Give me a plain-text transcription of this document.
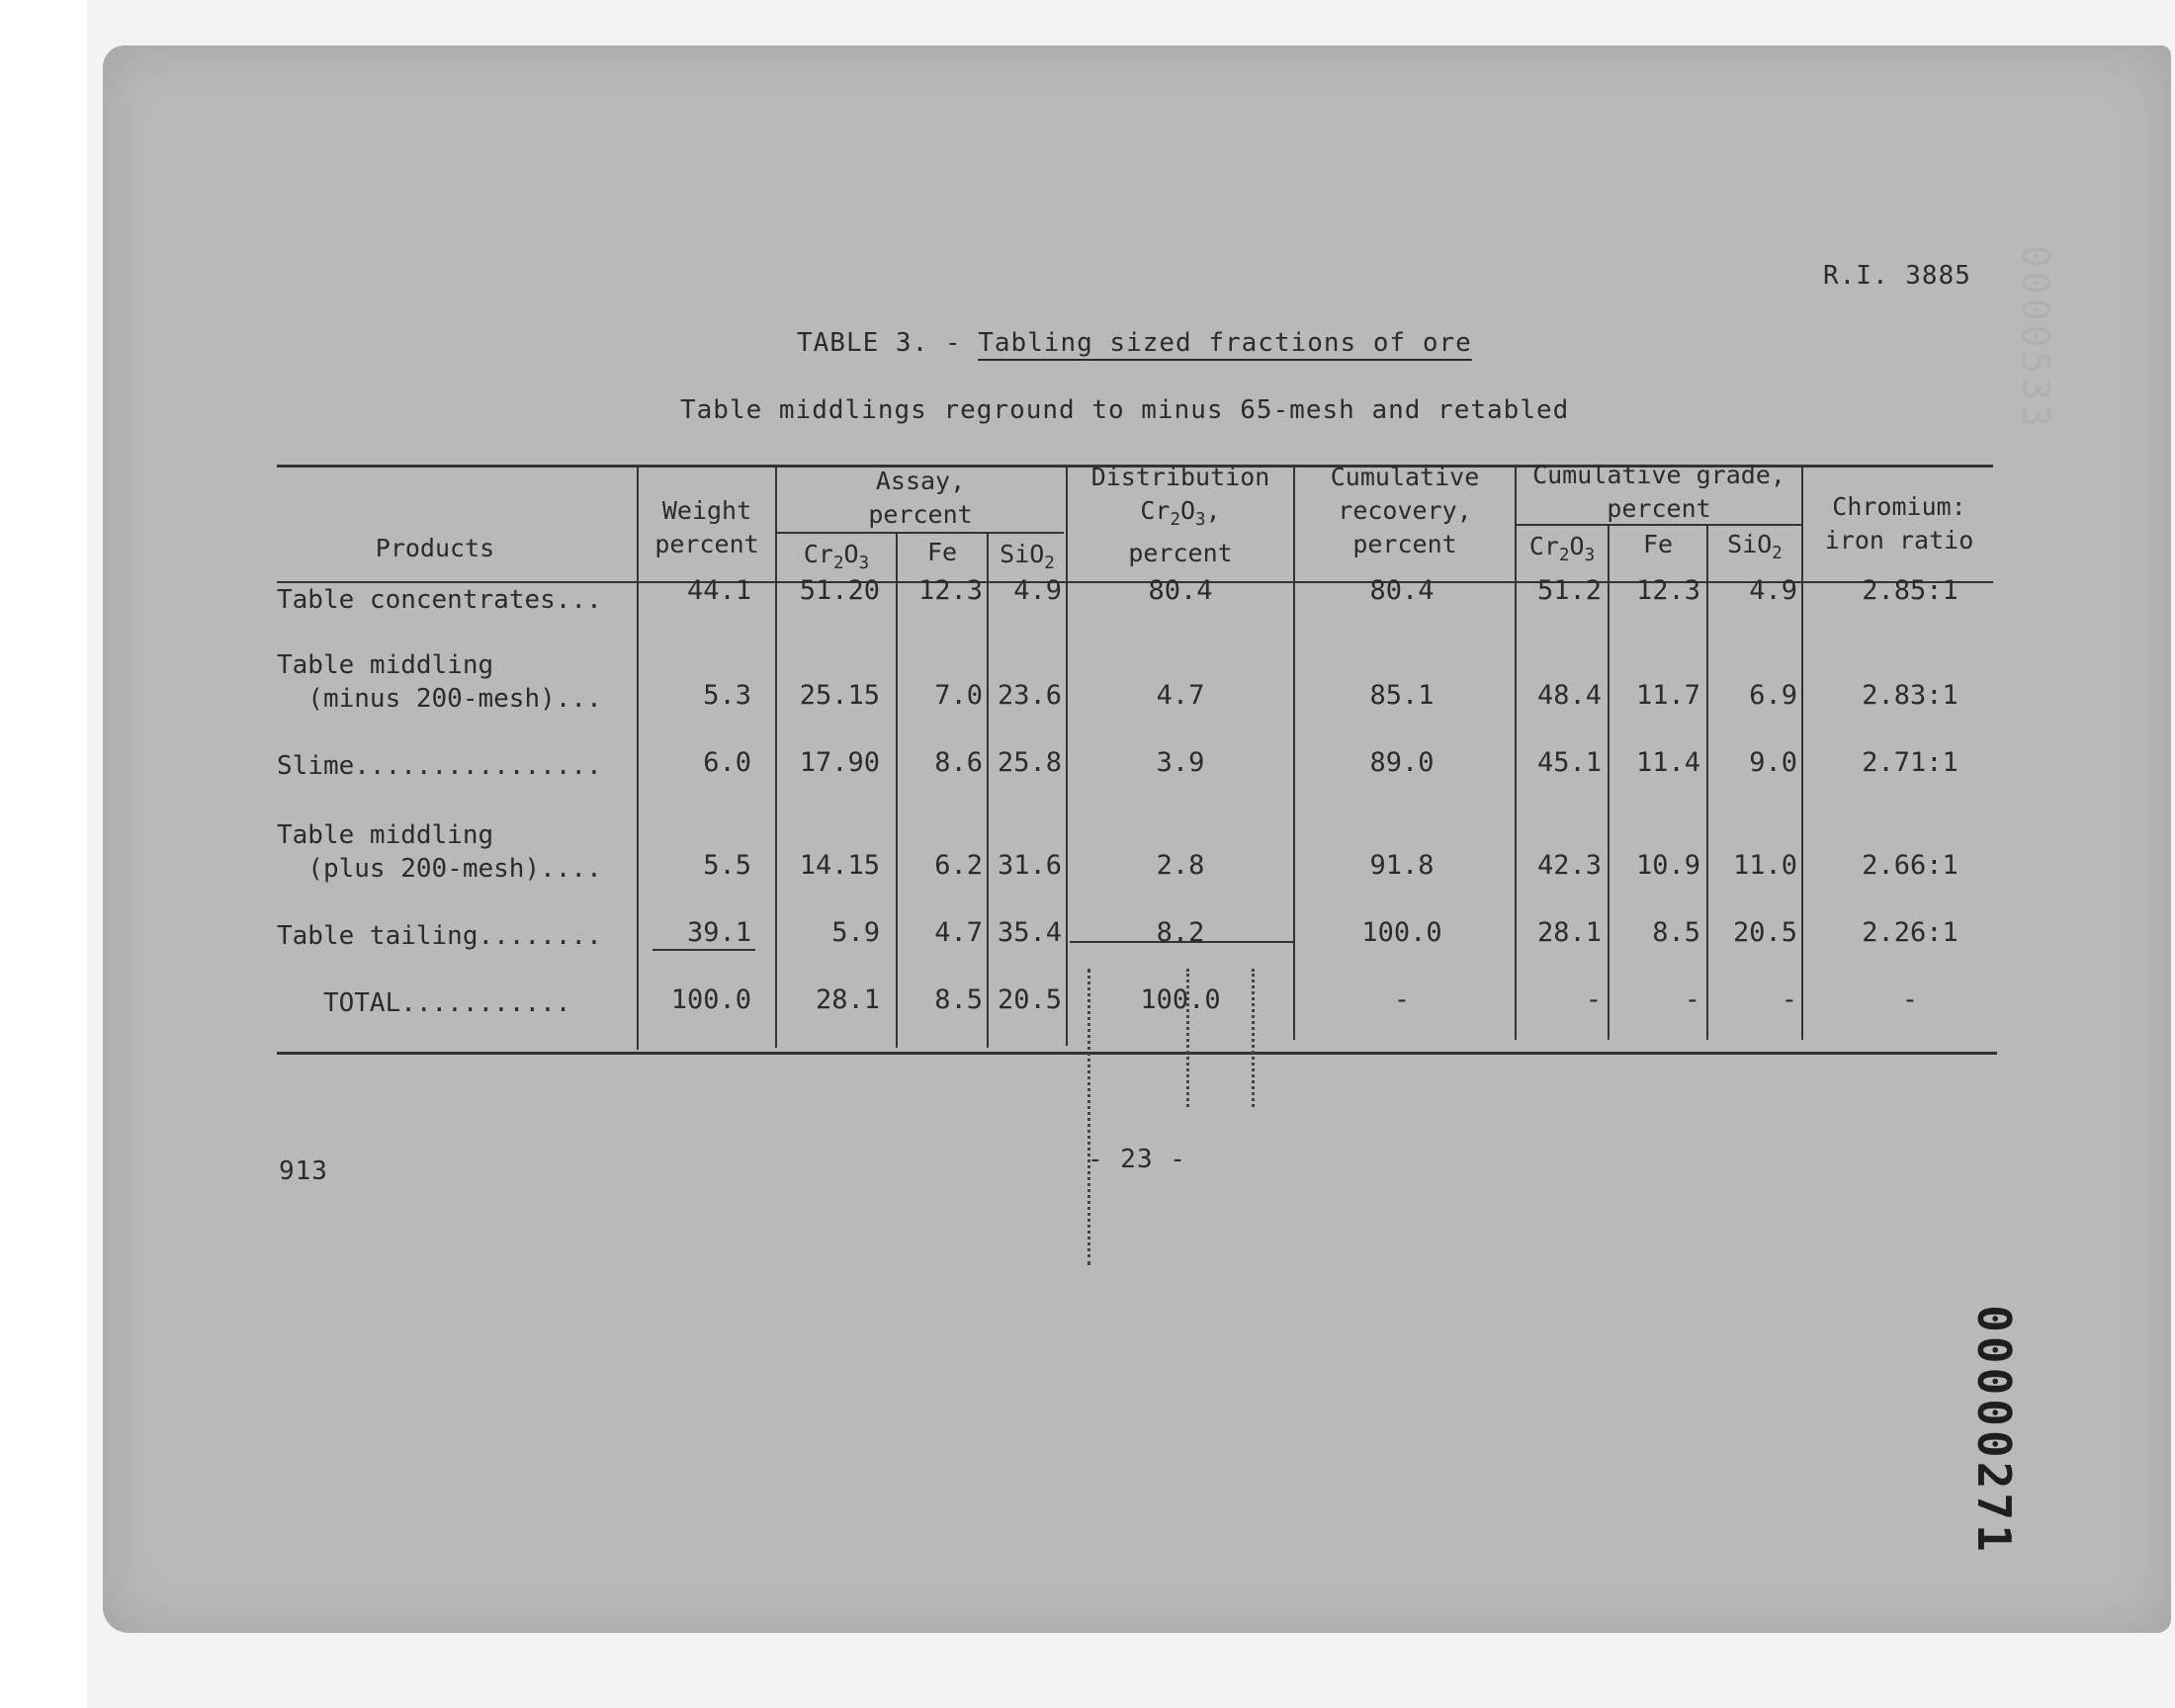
0000533
00000271
R.I. 3885
TABLE 3. - Tabling sized fractions of ore
Table middlings reground to minus 65-mesh and retabled
Products
Weight
percent
Assay,
percent
$Cr_2O_3$	Fe	SiO$_2$
Distribution
$Cr_2O_3$,
percent
Cumulative
recovery,
percent
Cumulative grade,
percent
$Cr_2O_3$	Fe	SiO$_2$
Chromium:
iron ratio
Table concentrates...	44.1	51.20	12.3	4.9	80.4	80.4	51.2	12.3	4.9	2.85:1
Table middling
(minus 200-mesh)...	5.3	25.15	7.0 23.6	4.7	85.1	48.4	11.7	6.9	2.83:1
Slime................	6.0	17.90	8.6 25.8	3.9	89.0	45.1	11.4	9.0	2.71:1
Table middling
(plus 200-mesh)....	5.5	14.15	6.2 31.6	2.8	91.8	42.3	10.9	11.0	2.66:1
Table tailing........	39.1	5.9	4.7 35.4	8.2	100.0	28.1	8.5	20.5	2.26:1
TOTAL...........	100.0	28.1	8.5 20.5	100.0	-	-	-	-	-
- 23 -
913
